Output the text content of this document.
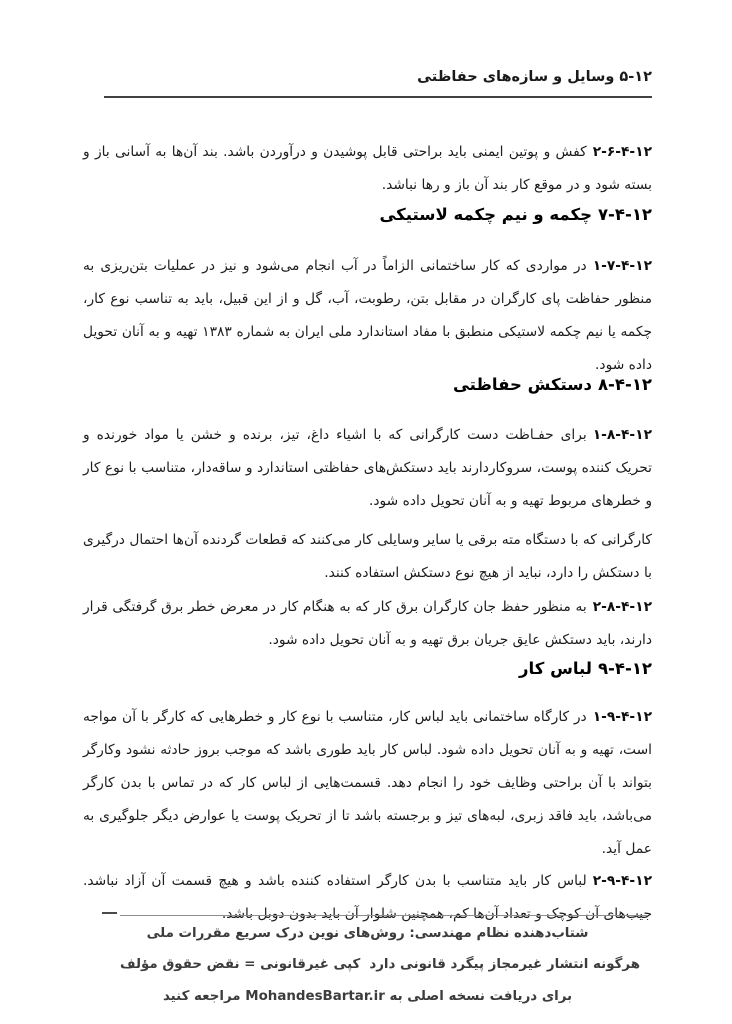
۱۲‐۵ وسایل و سازه‌های حفاظتی

۱۲‐۴‐۶‐۲کفش و پوتین ایمنی باید براحتی قابل پوشیدن و درآوردن باشد. بند آن‌ها به آسانی باز و بسته شود و در موقع کار بند آن باز و رها نباشد.

۱۲‐۴‐۷چکمه و نیم چکمه لاستیکی

۱۲‐۴‐۷‐۱در مواردی که کار ساختمانی الزاماً در آب انجام می‌شود و نیز در عملیات بتن‌ریزی به منظور حفاظت پای کارگران در مقابل بتن، رطوبت، آب، گل و از این قبیل، باید به تناسب نوع کار، چکمه یا نیم چکمه لاستیکی منطبق با مفاد استاندارد ملی ایران به شماره ۱۳۸۳ تهیه و به آنان تحویل داده شود.

۱۲‐۴‐۸دستکش حفاظتی

۱۲‐۴‐۸‐۱برای حفـاظت دست کارگرانی که با اشیاء داغ، تیز، برنده و خشن یا مواد خورنده و تحریک کننده پوست، سروکاردارند باید دستکش‌های حفاظتی استاندارد و ساقه‌دار، متناسب با نوع کار و خطرهای مربوط تهیه و به آنان تحویل داده شود.

کارگرانی که با دستگاه مته برقی یا سایر وسایلی کار می‌کنند که قطعات گردنده آن‌ها احتمال درگیری با دستکش را دارد، نباید از هیچ نوع دستکش استفاده کنند.

۱۲‐۴‐۸‐۲به منظور حفظ جان کارگران برق کار که به هنگام کار در معرض خطر برق گرفتگی قرار دارند، باید دستکش عایق جریان برق تهیه و به آنان تحویل داده شود.

۱۲‐۴‐۹لباس کار

۱۲‐۴‐۹‐۱در کارگاه ساختمانی باید لباس کار، متناسب با نوع کار و خطرهایی که کارگر با آن مواجه است، تهیه و به آنان تحویل داده شود. لباس کار باید طوری باشد که موجب بروز حادثه نشود وکارگر بتواند با آن براحتی وظایف خود را انجام دهد. قسمت‌هایی از لباس کار که در تماس با بدن کارگر می‌باشد، باید فاقد زبری، لبه‌های تیز و برجسته باشد تا از تحریک پوست یا عوارض دیگر جلوگیری به عمل آید.

۱۲‐۴‐۹‐۲لباس کار باید متناسب با بدن کارگر استفاده کننده باشد و هیچ قسمت آن آزاد نباشد. جیب‌های آن کوچک و تعداد آن‌ها کم، همچنین شلوار آن باید بدون دوبل باشد.

شتاب‌دهنده نظام مهندسی: روش‌های نوین درک سریع مقررات ملی
هرگونه انتشار غیرمجاز پیگرد قانونی دارد
کپی غیرقانونی = نقض حقوق مؤلف
برای دریافت نسخه اصلی به MohandesBartar.ir مراجعه کنید
